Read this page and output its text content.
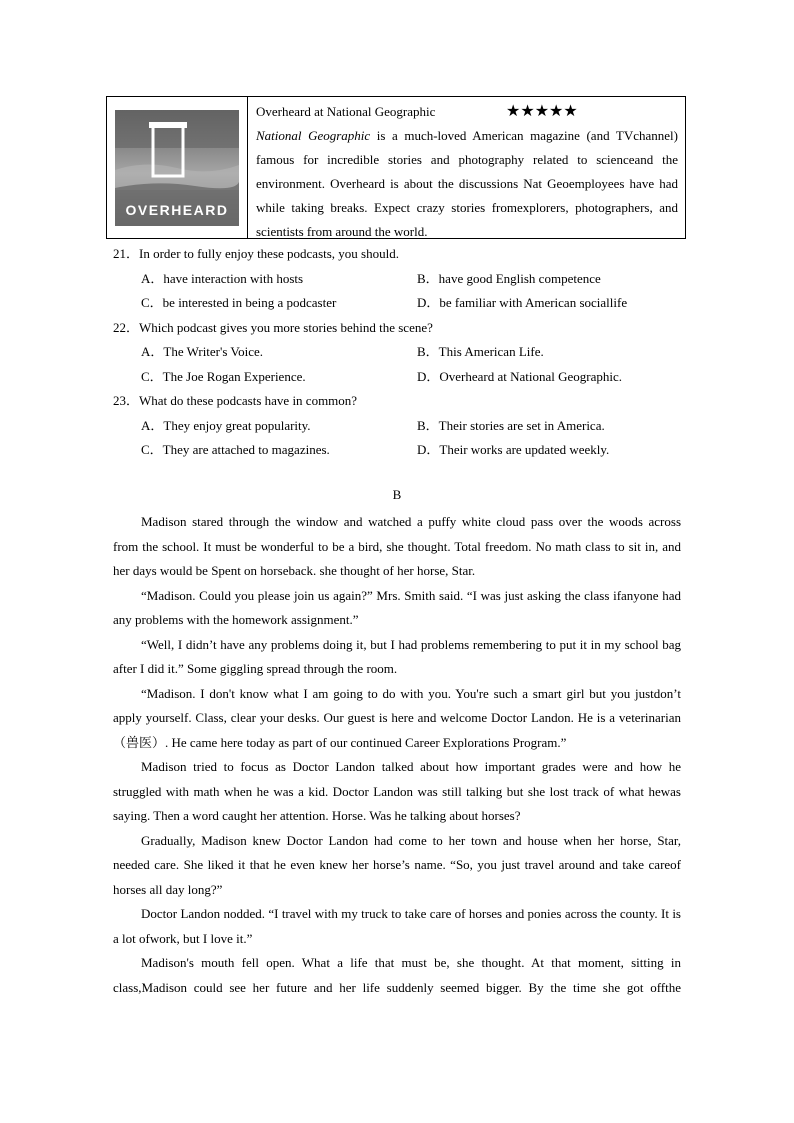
OVERHEARD
Overheard at National Geographic	★★★★★
National Geographic is a much-loved American magazine (and TVchannel) famous for incredible stories and photography related to scienceand the environment. Overheard is about the discussions Nat Geoemployees have had while taking breaks. Expect crazy stories fromexplorers, photographers, and scientists from around the world.
21．In order to fully enjoy these podcasts, you should.
A．have interaction with hosts	B．have good English competence
C．be interested in being a podcaster	D．be familiar with American sociallife
22．Which podcast gives you more stories behind the scene?
A．The Writer's Voice.	B．This American Life.
C．The Joe Rogan Experience.	D．Overheard at National Geographic.
23．What do these podcasts have in common?
A．They enjoy great popularity.	B．Their stories are set in America.
C．They are attached to magazines.	D．Their works are updated weekly.
B

Madison stared through the window and watched a puffy white cloud pass over the woods across　from the school. It must be wonderful to be a bird, she thought. Total freedom. No math class to sit in, and her days would be Spent on horseback. she thought of her horse, Star.

“Madison. Could you please join us again?” Mrs. Smith said. “I was just asking the class ifanyone had any problems with the homework assignment.”

“Well, I didn’t have any problems doing it, but I had problems remembering to put it in my school bag after I did it.” Some giggling spread through the room.

“Madison. I don't know what I am going to do with you. You're such a smart girl but you justdon’t apply yourself. Class, clear your desks. Our guest is here and welcome Doctor Landon. He is a veterinarian（兽医）. He came here today as part of our continued Career Explorations Program.”

Madison tried to focus as Doctor Landon talked about how important grades were and how he struggled with math when he was a kid. Doctor Landon was still talking but she lost track of what hewas saying. Then a word caught her attention. Horse. Was he talking about horses?

Gradually, Madison knew Doctor Landon had come to her town and house when her horse, Star, needed care. She liked it that he even knew her horse’s name. “So, you just travel around and take careof horses all day long?”

Doctor Landon nodded. “I travel with my truck to take care of horses and ponies across the county. It is a lot ofwork, but I love it.”

Madison's mouth fell open. What a life that must be, she thought. At that moment, sitting in class,Madison could see her future and her life suddenly seemed bigger. By the time she got offthe
